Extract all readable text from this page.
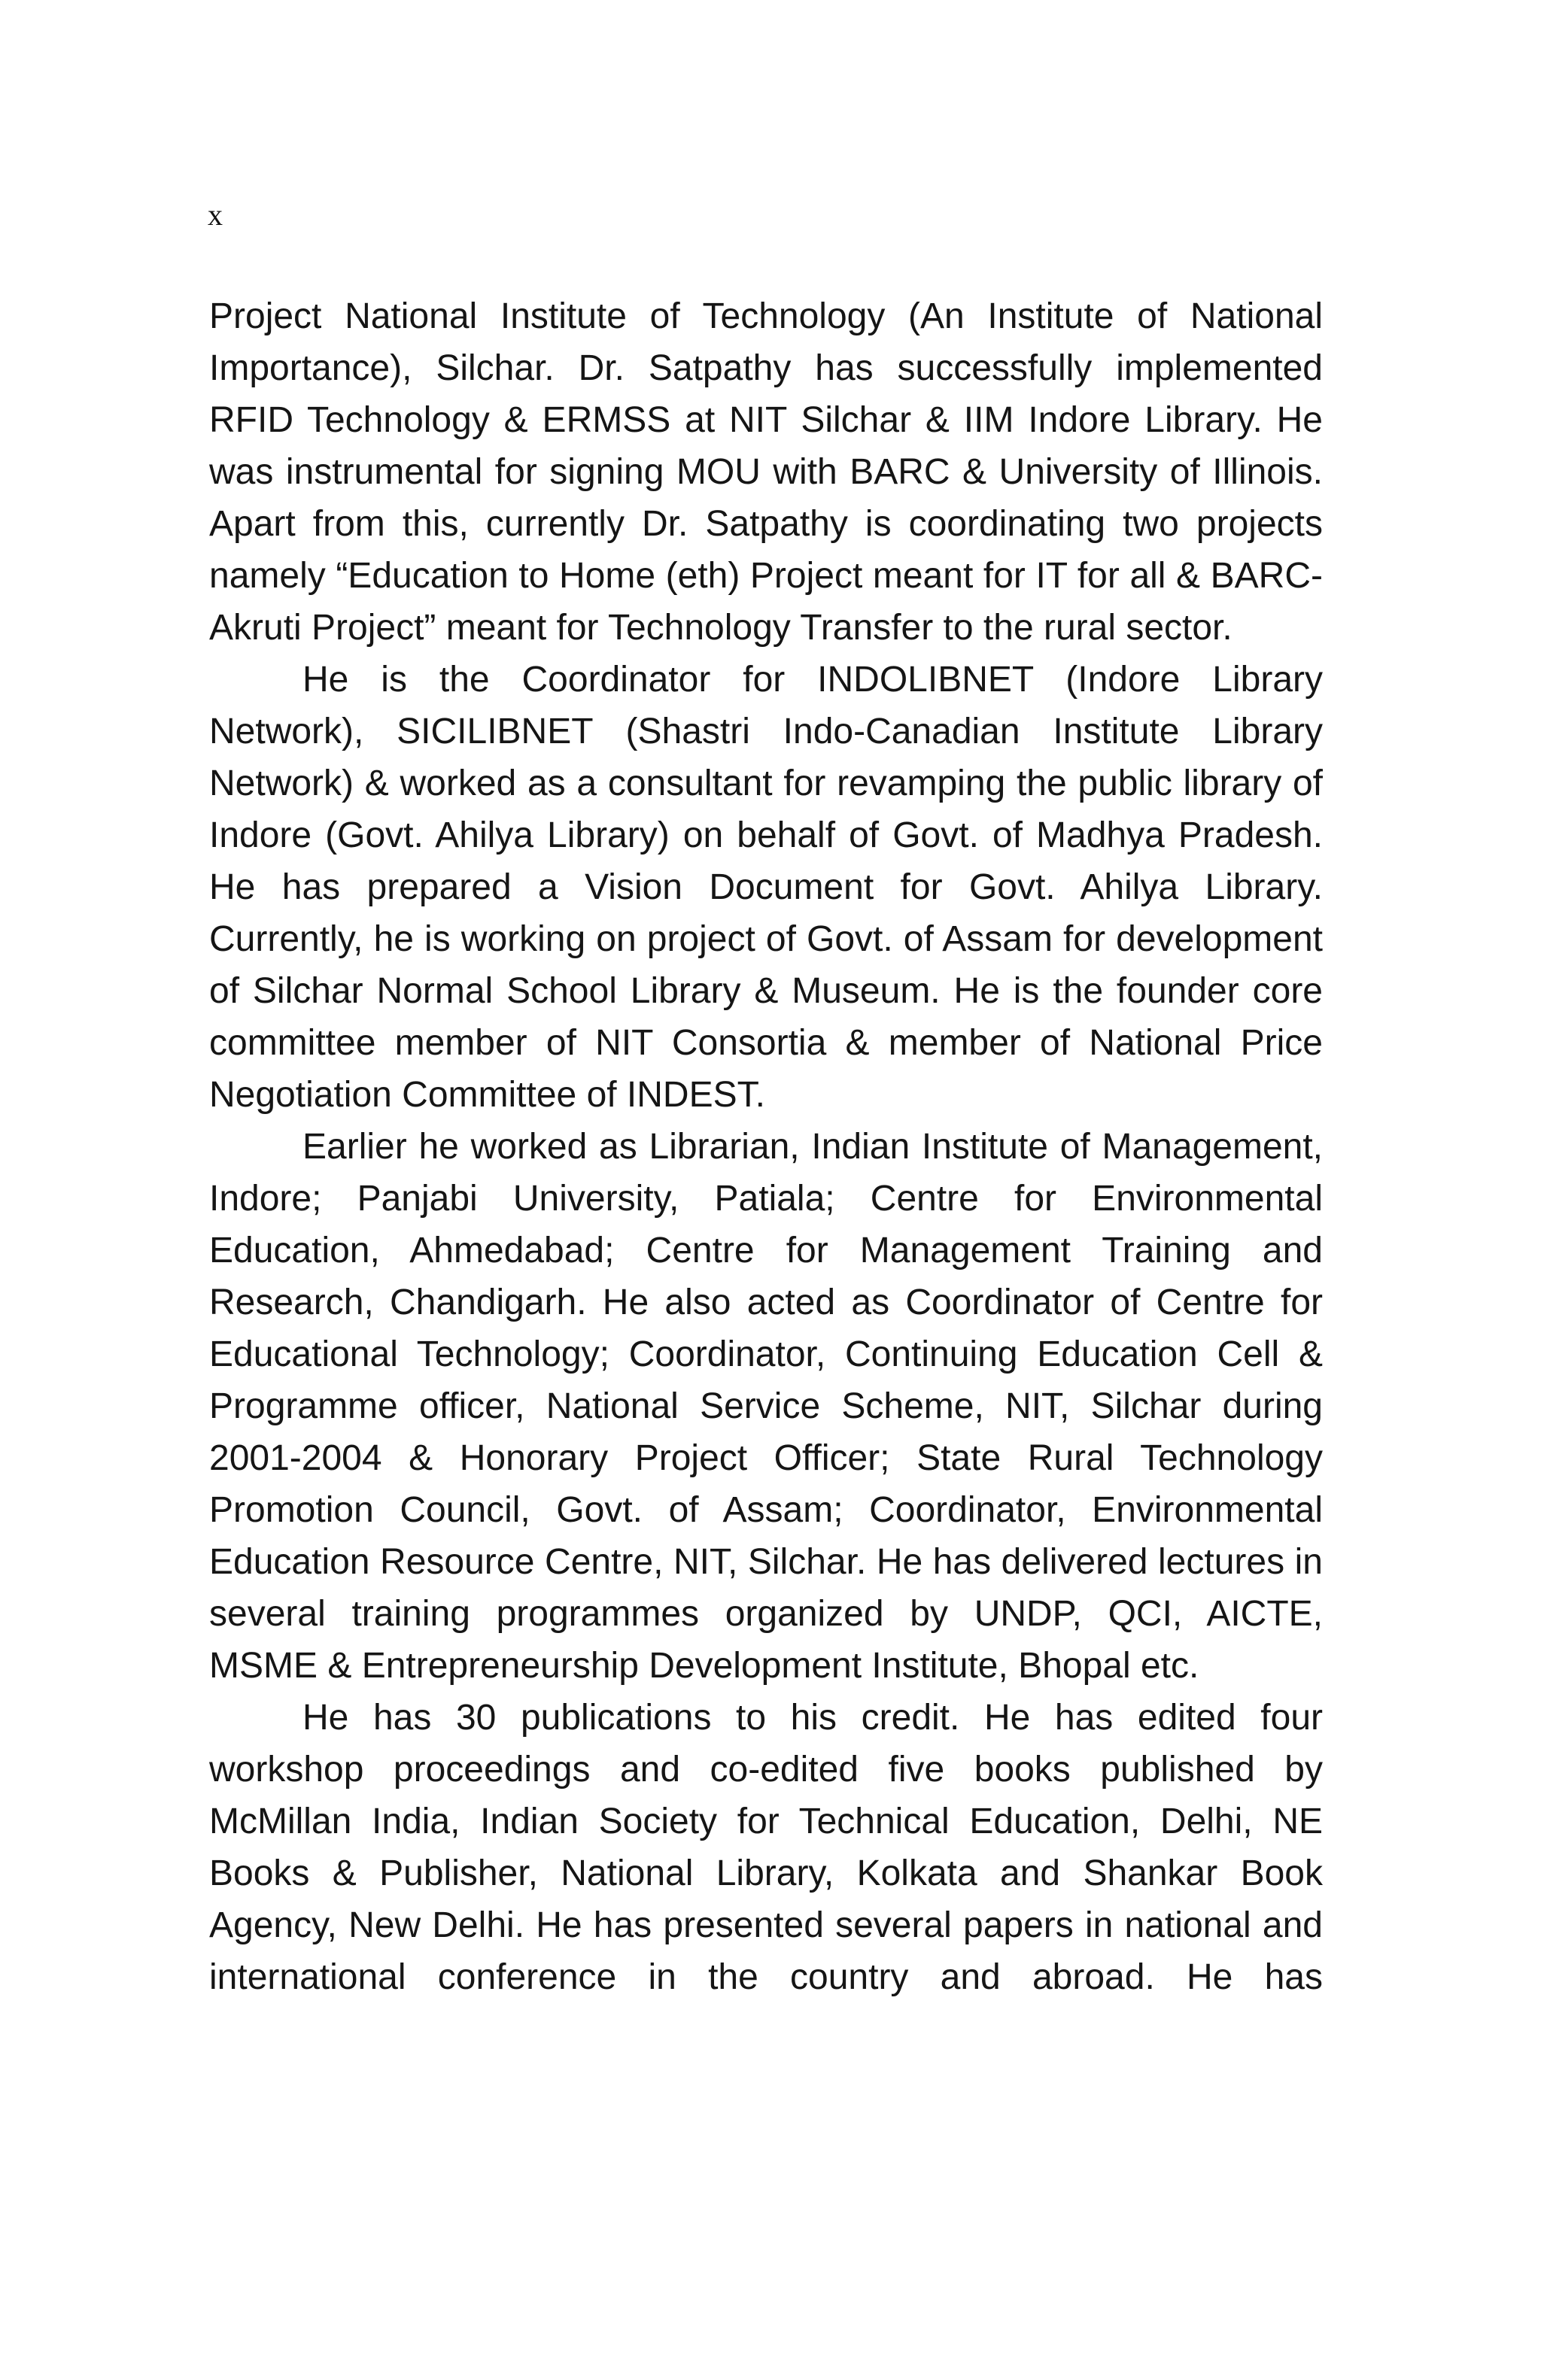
x

Project National Institute of Technology (An Institute of National Importance), Silchar. Dr. Satpathy has successfully implemented RFID Technology & ERMSS at NIT Silchar & IIM Indore Library. He was instrumental for signing MOU with BARC & University of Illinois. Apart from this, currently Dr. Satpathy is coordinating two projects namely “Education to Home (eth) Project meant for IT for all & BARC-Akruti Project” meant for Technology Transfer to the rural sector.

He is the Coordinator for INDOLIBNET (Indore Library Network), SICILIBNET (Shastri Indo-Canadian Institute Library Network) & worked as a consultant for revamping the public library of Indore (Govt. Ahilya Library) on behalf of Govt. of Madhya Pradesh. He has prepared a Vision Document for Govt. Ahilya Library. Currently, he is working on project of Govt. of Assam for development of Silchar Normal School Library & Museum. He is the founder core committee member of NIT Consortia & member of National Price Negotiation Committee of INDEST.

Earlier he worked as Librarian, Indian Institute of Management, Indore; Panjabi University, Patiala; Centre for Environmental Education, Ahmedabad; Centre for Management Training and Research, Chandigarh. He also acted as Coordinator of Centre for Educational Technology; Coordinator, Continuing Education Cell & Programme officer, National Service Scheme, NIT, Silchar during 2001-2004 & Honorary Project Officer; State Rural Technology Promotion Council, Govt. of Assam; Coordinator, Environmental Education Resource Centre, NIT, Silchar. He has delivered lectures in several training programmes organized by UNDP, QCI, AICTE, MSME & Entrepreneurship Development Institute, Bhopal etc.

He has 30 publications to his credit. He has edited four workshop proceedings and co-edited five books published by McMillan India, Indian Society for Technical Education, Delhi, NE Books & Publisher, National Library, Kolkata and Shankar Book Agency, New Delhi. He has presented several papers in national and international conference in the country and abroad. He has
